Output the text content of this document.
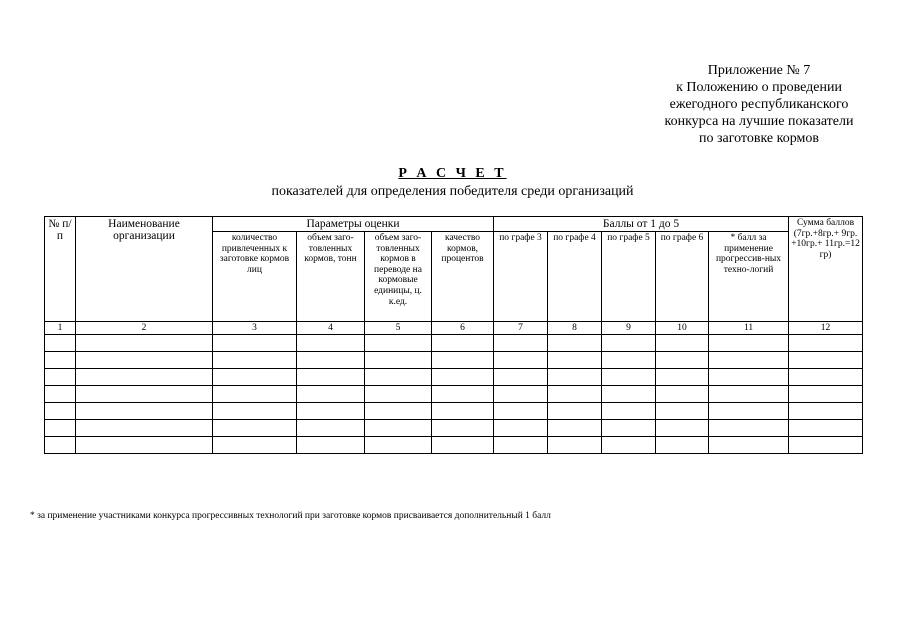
Приложение № 7
к Положению о проведении
ежегодного республиканского
конкурса на лучшие показатели
по заготовке кормов
Р А С Ч Е Т
показателей для определения победителя среди организаций
№ п/п	Наименование организации	Параметры оценки				Баллы от 1 до 5					Сумма баллов (7гр.+8гр.+ 9гр. +10гр.+ 11гр.=12 гр)
		количество привлеченных к заготовке кормов лиц	объем заго-товленных кормов, тонн	объем заго-товленных кормов в переводе на кормовые единицы, ц. к.ед.	качество кормов, процентов	по графе 3	по графе 4	по графе 5	по графе 6	* балл за применение прогрессив-ных техно-логий	
1	2	3	4	5	6	7	8	9	10	11	12

* за применение участниками конкурса прогрессивных технологий при заготовке кормов присваивается дополнительный 1 балл
